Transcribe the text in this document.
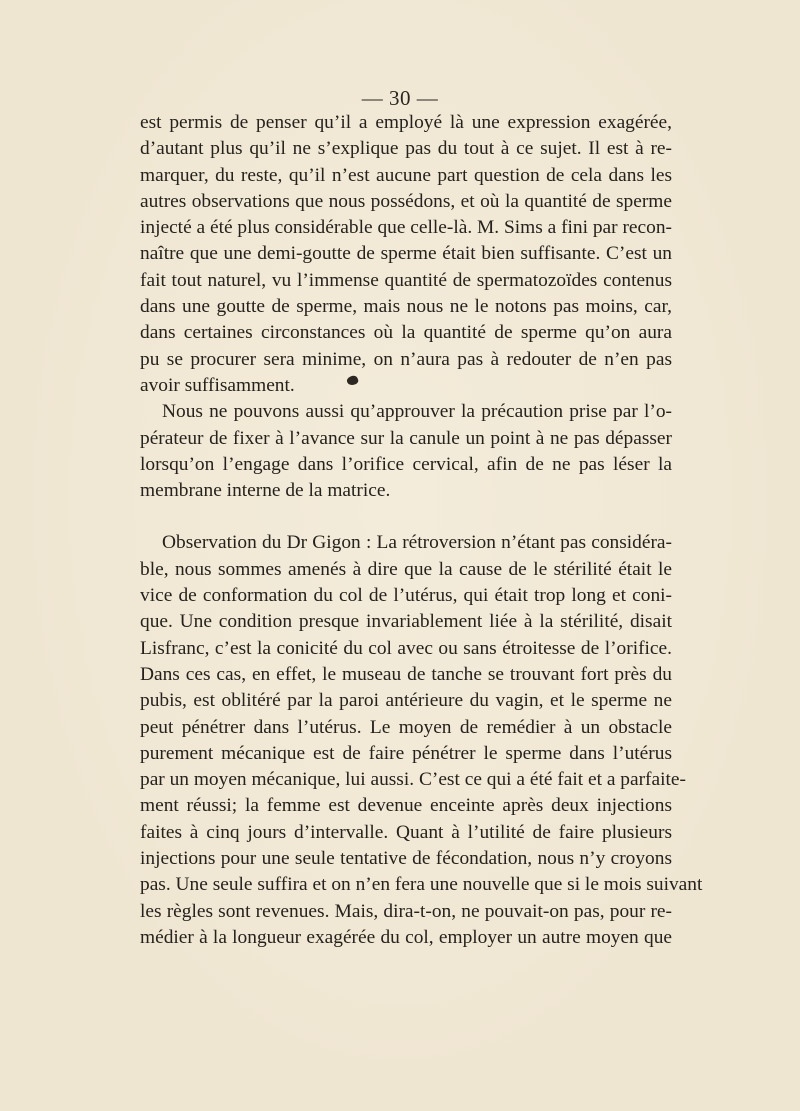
— 30 —
est permis de penser qu’il a employé là une expression exagérée,
d’autant plus qu’il ne s’explique pas du tout à ce sujet. Il est à re-
marquer, du reste, qu’il n’est aucune part question de cela dans les
autres observations que nous possédons, et où la quantité de sperme
injecté a été plus considérable que celle-là. M. Sims a fini par recon-
naître que une demi-goutte de sperme était bien suffisante. C’est un
fait tout naturel, vu l’immense quantité de spermatozoïdes contenus
dans une goutte de sperme, mais nous ne le notons pas moins, car,
dans certaines circonstances où la quantité de sperme qu’on aura
pu se procurer sera minime, on n’aura pas à redouter de n’en pas
avoir suffisamment.
Nous ne pouvons aussi qu’approuver la précaution prise par l’o-
pérateur de fixer à l’avance sur la canule un point à ne pas dépasser
lorsqu’on l’engage dans l’orifice cervical, afin de ne pas léser la
membrane interne de la matrice.
Observation du Dr Gigon : La rétroversion n’étant pas considéra-
ble, nous sommes amenés à dire que la cause de le stérilité était le
vice de conformation du col de l’utérus, qui était trop long et coni-
que. Une condition presque invariablement liée à la stérilité, disait
Lisfranc, c’est la conicité du col avec ou sans étroitesse de l’orifice.
Dans ces cas, en effet, le museau de tanche se trouvant fort près du
pubis, est oblitéré par la paroi antérieure du vagin, et le sperme ne
peut pénétrer dans l’utérus. Le moyen de remédier à un obstacle
purement mécanique est de faire pénétrer le sperme dans l’utérus
par un moyen mécanique, lui aussi. C’est ce qui a été fait et a parfaite-
ment réussi; la femme est devenue enceinte après deux injections
faites à cinq jours d’intervalle. Quant à l’utilité de faire plusieurs
injections pour une seule tentative de fécondation, nous n’y croyons
pas. Une seule suffira et on n’en fera une nouvelle que si le mois suivant
les règles sont revenues. Mais, dira-t-on, ne pouvait-on pas, pour re-
médier à la longueur exagérée du col, employer un autre moyen que
